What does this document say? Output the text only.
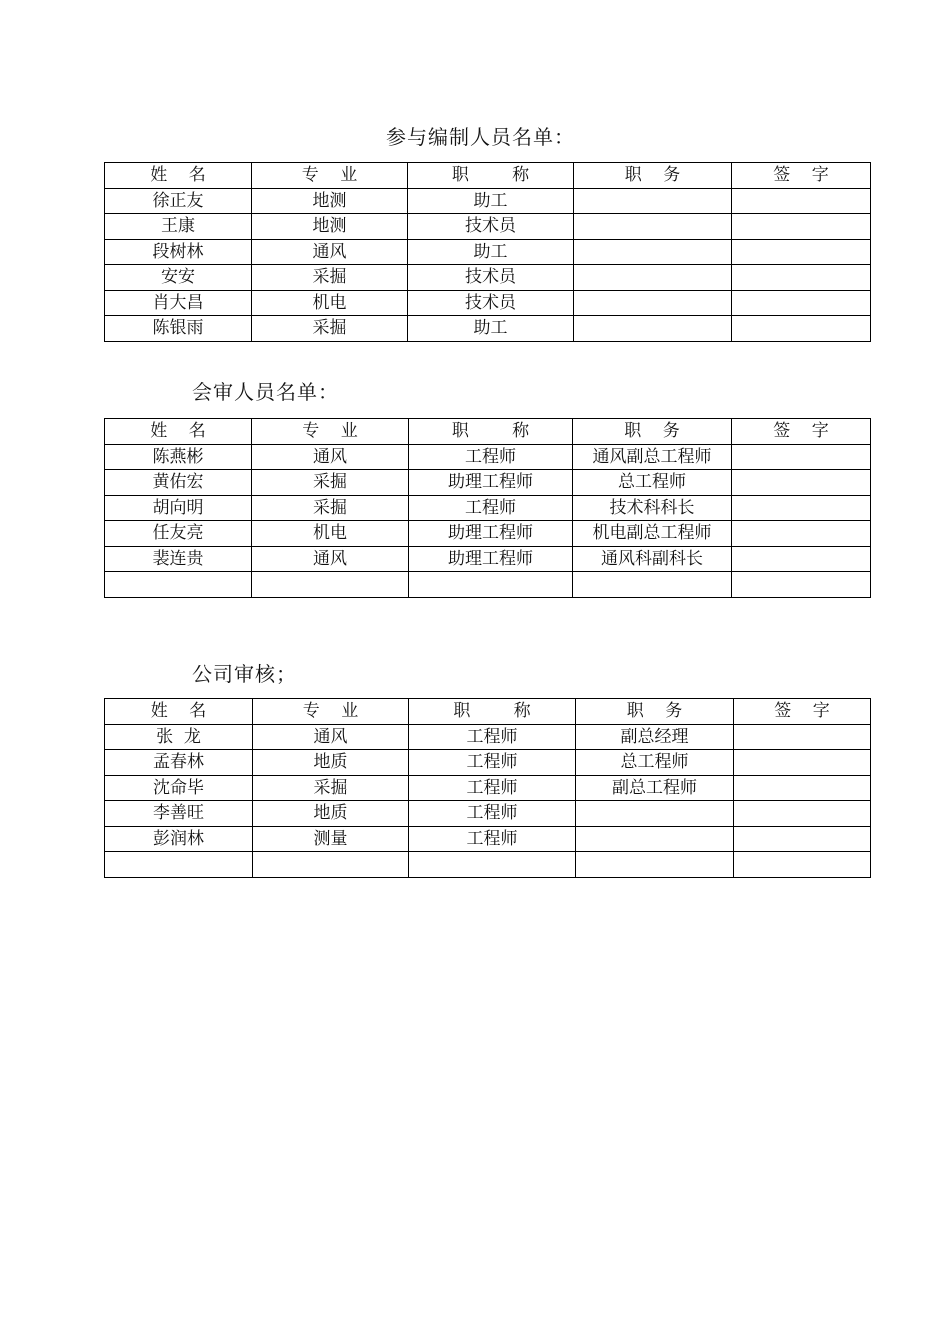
参与编制人员名单：
姓    名	专    业	职        称	职    务	签    字
徐正友	地测	助工		
王康	地测	技术员		
段树林	通风	助工		
安安	采掘	技术员		
肖大昌	机电	技术员		
陈银雨	采掘	助工		
会审人员名单：
姓    名	专    业	职        称	职    务	签    字
陈燕彬	通风	工程师	通风副总工程师	
黄佑宏	采掘	助理工程师	总工程师	
胡向明	采掘	工程师	技术科科长	
任友亮	机电	助理工程师	机电副总工程师	
裴连贵	通风	助理工程师	通风科副科长	

公司审核；
姓    名	专    业	职        称	职    务	签    字
张  龙	通风	工程师	副总经理	
孟春林	地质	工程师	总工程师	
沈命毕	采掘	工程师	副总工程师	
李善旺	地质	工程师		
彭润林	测量	工程师		
